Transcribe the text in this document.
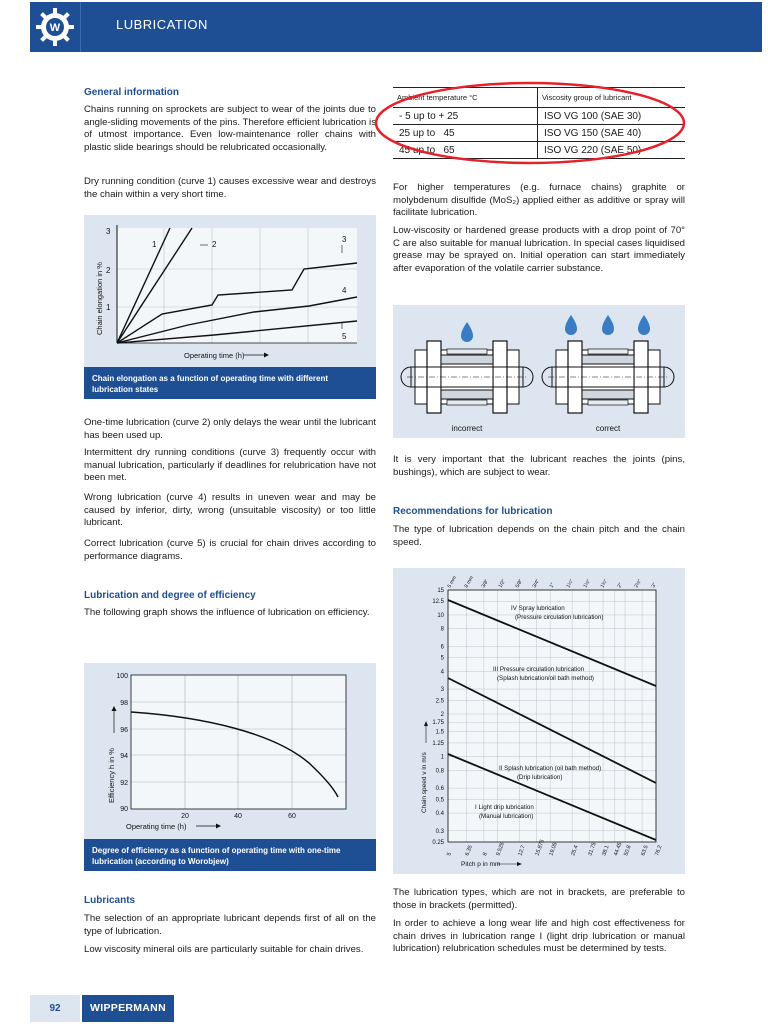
W	LUBRICATION
General information
Chains running on sprockets are subject to wear of the joints due to angle-sliding movements of the pins. Therefore efficient lubrication is of utmost importance. Even low-maintenance roller chains with plastic slide bearings should be relubricated occasionally.
Dry running condition (curve 1) causes excessive wear and destroys the chain within a very short time.
3
2
1
1	2
3
4
5
Operating time (h)
Chain elongation in %
Chain elongation as a function of operating time with different lubrication states
One-time lubrication (curve 2) only delays the wear until the lubricant has been used up.
Intermittent dry running conditions (curve 3) frequently occur with manual lubrication, particularly if deadlines for relubrication have not been met.
Wrong lubrication (curve 4) results in uneven wear and may be caused by inferior, dirty, wrong (unsuitable viscosity) or too little lubricant.
Correct lubrication (curve 5) is crucial for chain drives according to performance diagrams.
Lubrication and degree of efficiency
The following graph shows the influence of lubrication on efficiency.
90
92
94
96
98
100
20	40	60
Operating time (h)
Efficiency h in %
Degree of efficiency as a function of operating time with one-time lubrication (according to Worobjew)
Lubricants
The selection of an appropriate lubricant depends first of all on the type of lubrication.
Low viscosity mineral oils are particularly suitable for chain drives.
Ambient temperature °C	Viscosity group of lubricant
- 5 up to + 25	ISO VG 100 (SAE 30)
25 up to   45	ISO VG 150 (SAE 40)
45 up to   65	ISO VG 220 (SAE 50)
For higher temperatures (e.g. furnace chains) graphite or molybdenum disulfide (MoS₂) applied either as additive or spray will facilitate lubrication.
Low-viscosity or hardened grease products with a drop point of 70° C are also suitable for manual lubrication. In special cases liquidised grease may be sprayed on. Initial operation can start immediately after evaporation of the volatile carrier substance.
incorrect	correct
It is very important that the lubricant reaches the joints (pins, bushings), which are subject to wear.
Recommendations for lubrication
The type of lubrication depends on the chain pitch and the chain speed.
0.25
0.3
0.4
0.5
0.6
0.8
1
1.25
1.5
1.75
2
2.5
3
4
5
6
8
10
12.5
15
5 6.35 8 9.525 12.7 15.875 19.05 25.4 31.75 38.1 44.45 50.8 63.5 76.2
5 mm 8 mm 3/8" 1/2" 5/8" 3/4" 1" 1¼" 1½" 1¾" 2" 2½" 3"
IV Spray lubrication
(Pressure circulation lubrication)
III Pressure circulation lubrication
(Splash lubrication/oil bath method)
II Splash lubrication (oil bath method)
(Drip lubrication)
I Light drip lubrication
(Manual lubrication)
Chain speed v in m/s
Pitch p in mm
The lubrication types, which are not in brackets, are preferable to those in brackets (permitted).
In order to achieve a long wear life and high cost effectiveness for chain drives in lubrication range I (light drip lubrication or manual lubrication) relubrication schedules must be determined by tests.
92	WIPPERMANN
